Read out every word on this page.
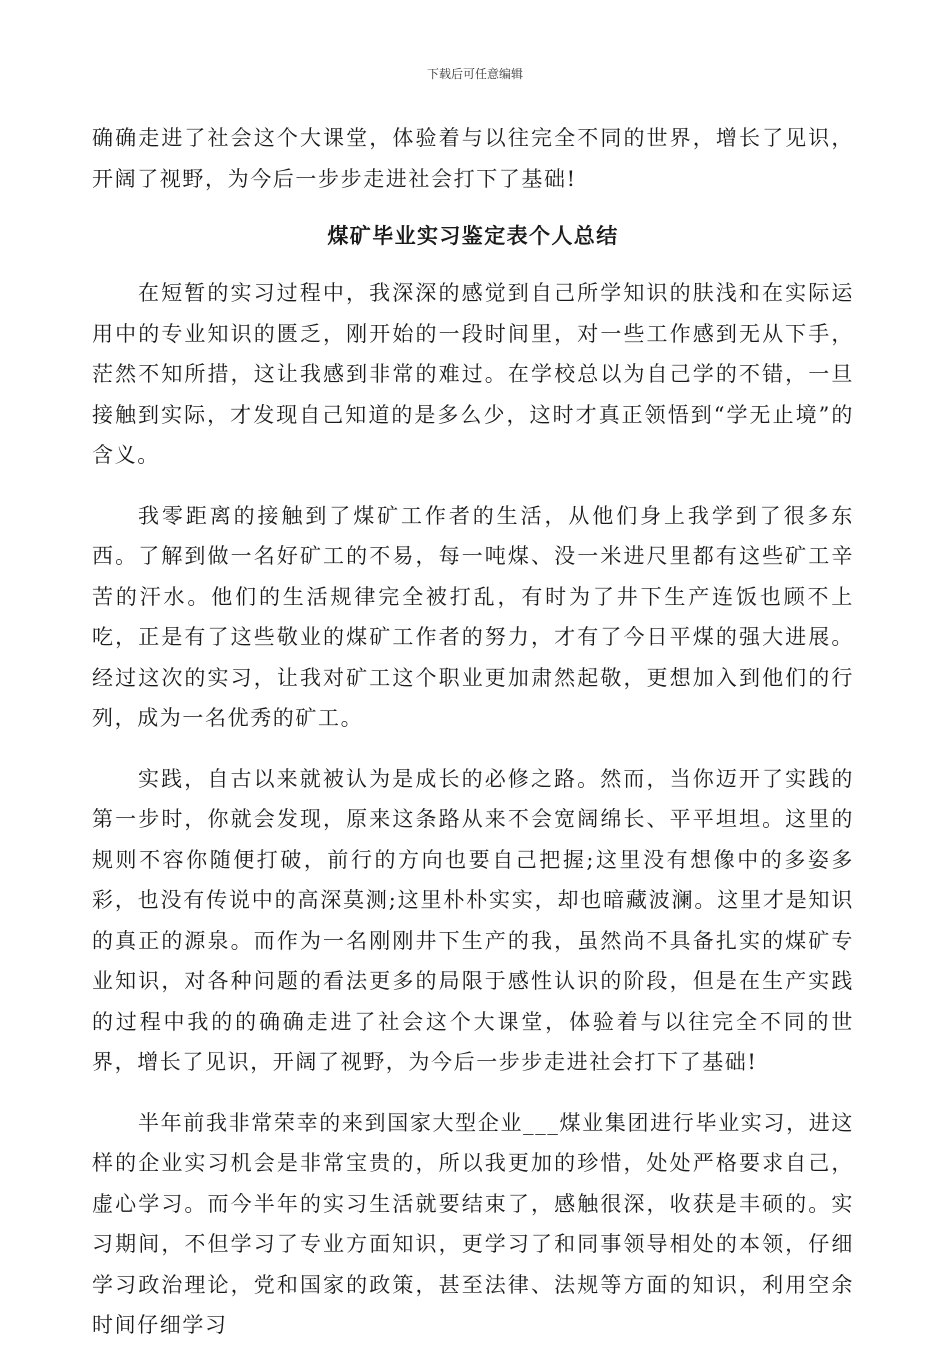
下载后可任意编辑

确确走进了社会这个大课堂，体验着与以往完全不同的世界，增长了见识，开阔了视野，为今后一步步走进社会打下了基础!

煤矿毕业实习鉴定表个人总结

在短暂的实习过程中，我深深的感觉到自己所学知识的肤浅和在实际运用中的专业知识的匮乏，刚开始的一段时间里，对一些工作感到无从下手，茫然不知所措，这让我感到非常的难过。在学校总以为自己学的不错，一旦接触到实际，才发现自己知道的是多么少，这时才真正领悟到“学无止境”的含义。

我零距离的接触到了煤矿工作者的生活，从他们身上我学到了很多东西。了解到做一名好矿工的不易，每一吨煤、没一米进尺里都有这些矿工辛苦的汗水。他们的生活规律完全被打乱，有时为了井下生产连饭也顾不上吃，正是有了这些敬业的煤矿工作者的努力，才有了今日平煤的强大进展。经过这次的实习，让我对矿工这个职业更加肃然起敬，更想加入到他们的行列，成为一名优秀的矿工。

实践，自古以来就被认为是成长的必修之路。然而，当你迈开了实践的第一步时，你就会发现，原来这条路从来不会宽阔绵长、平平坦坦。这里的规则不容你随便打破，前行的方向也要自己把握;这里没有想像中的多姿多彩，也没有传说中的高深莫测;这里朴朴实实，却也暗藏波澜。这里才是知识的真正的源泉。而作为一名刚刚井下生产的我，虽然尚不具备扎实的煤矿专业知识，对各种问题的看法更多的局限于感性认识的阶段，但是在生产实践的过程中我的的确确走进了社会这个大课堂，体验着与以往完全不同的世界，增长了见识，开阔了视野，为今后一步步走进社会打下了基础!

半年前我非常荣幸的来到国家大型企业___煤业集团进行毕业实习，进这样的企业实习机会是非常宝贵的，所以我更加的珍惜，处处严格要求自己，虚心学习。而今半年的实习生活就要结束了，感触很深，收获是丰硕的。实习期间，不但学习了专业方面知识，更学习了和同事领导相处的本领，仔细学习政治理论，党和国家的政策，甚至法律、法规等方面的知识，利用空余时间仔细学习
